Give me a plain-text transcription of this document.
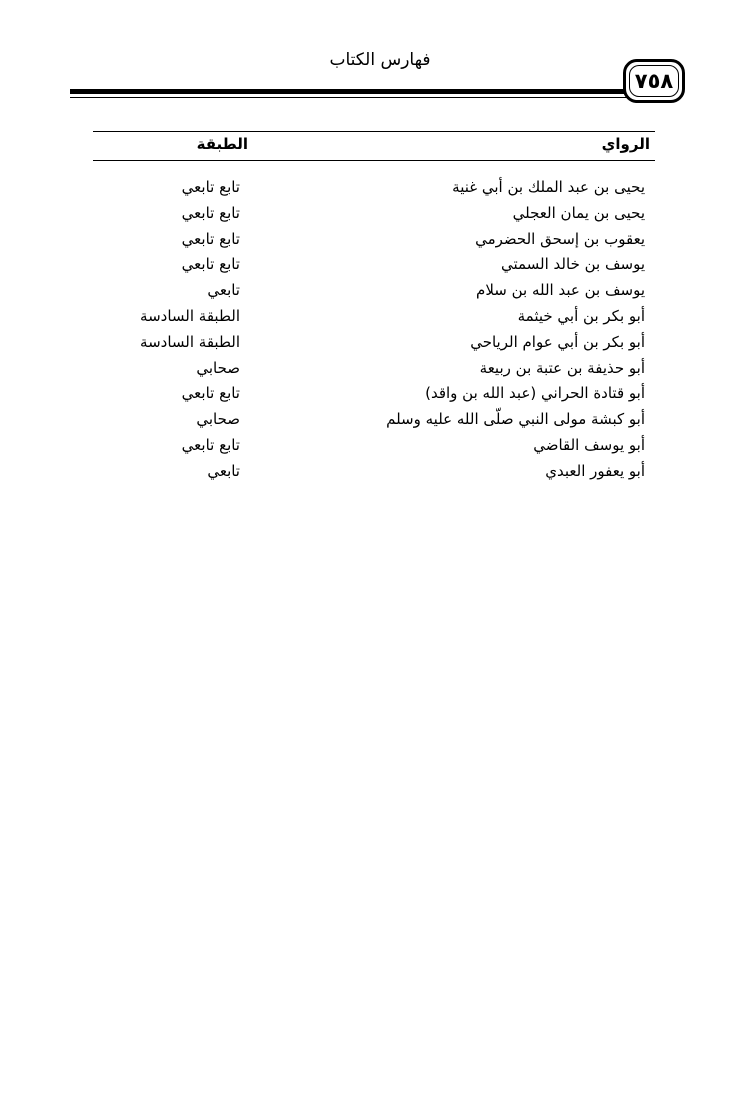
فهارس الكتاب
٧٥٨
الرواي
الطبقة
يحيى بن عبد الملك بن أبي غنية
تابع تابعي
يحيى بن يمان العجلي
تابع تابعي
يعقوب بن إسحق الحضرمي
تابع تابعي
يوسف بن خالد السمتي
تابع تابعي
يوسف بن عبد الله بن سلام
تابعي
أبو بكر بن أبي خيثمة
الطبقة السادسة
أبو بكر بن أبي عوام الرياحي
الطبقة السادسة
أبو حذيفة بن عتبة بن ربيعة
صحابي
أبو قتادة الحراني (عبد الله بن واقد)
تابع تابعي
أبو كبشة مولى النبي صلّى الله عليه وسلم
صحابي
أبو يوسف القاضي
تابع تابعي
أبو يعفور العبدي
تابعي
